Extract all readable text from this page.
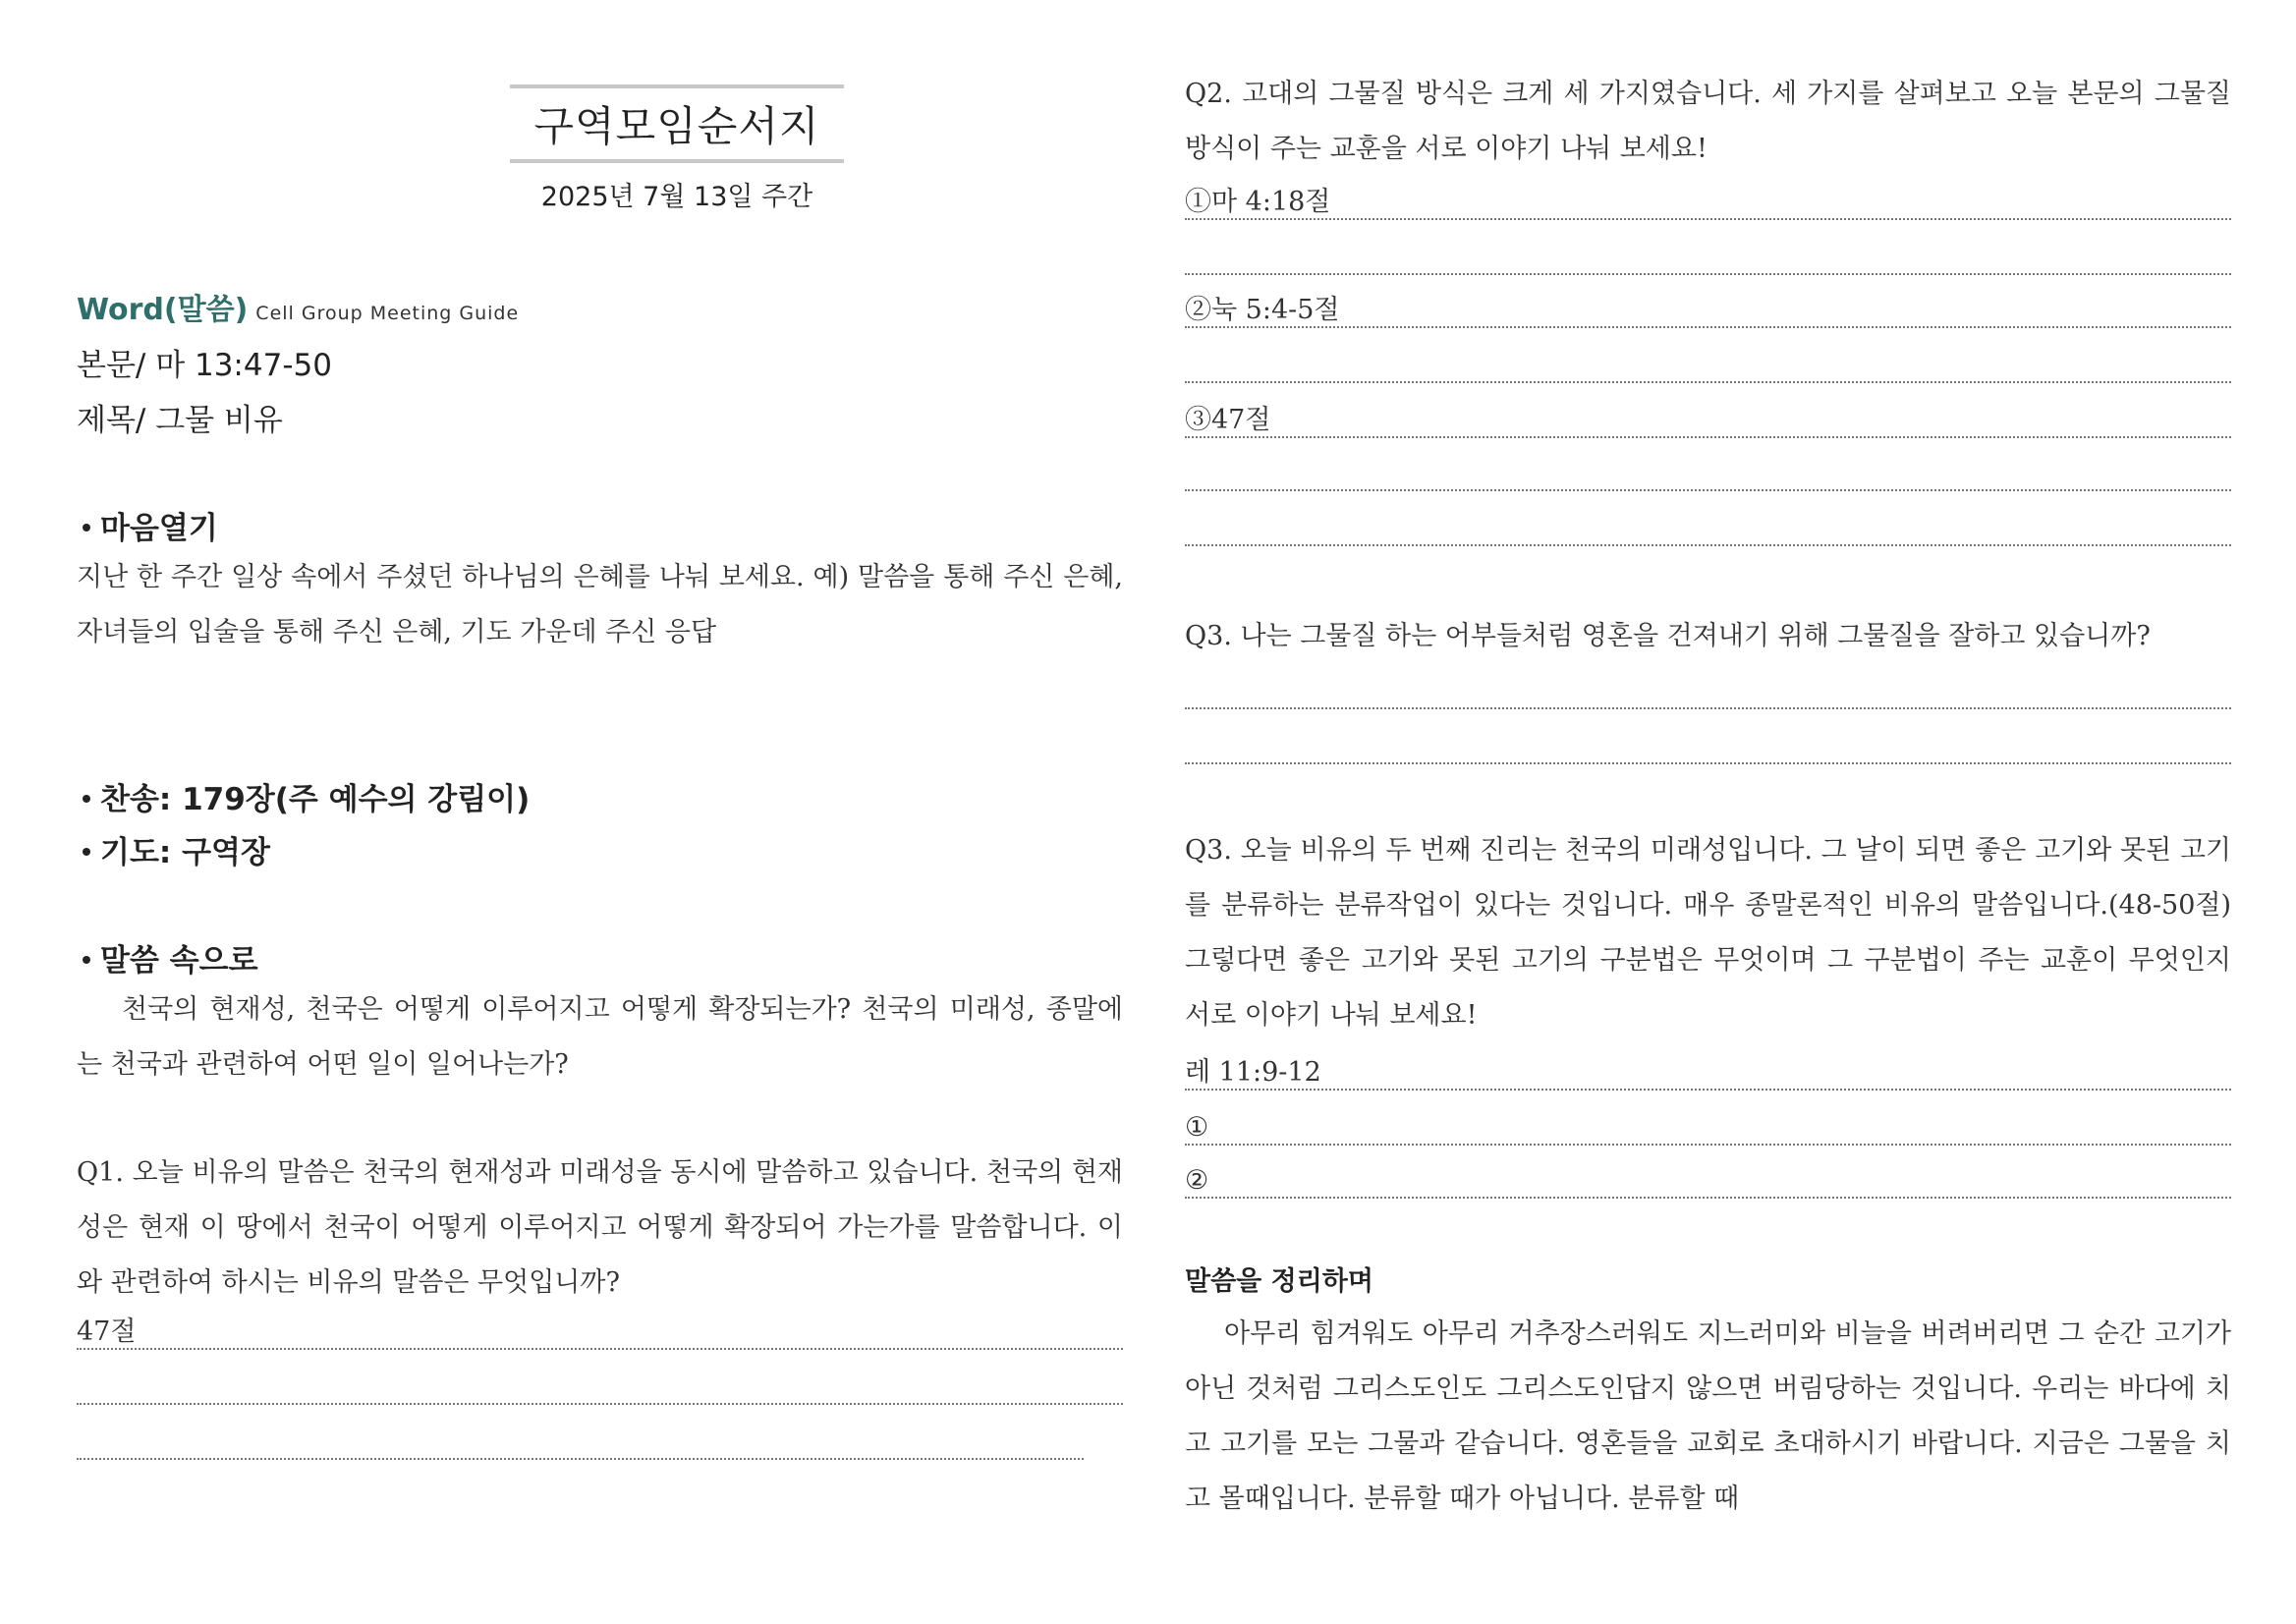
구역모임순서지
2025년 7월 13일 주간
Word(말씀) Cell Group Meeting Guide
본문/ 마 13:47-50
제목/ 그물 비유
마음열기
지난 한 주간 일상 속에서 주셨던 하나님의 은혜를 나눠 보세요. 예) 말씀을 통해 주신 은혜, 자녀들의 입술을 통해 주신 은혜, 기도 가운데 주신 응답
찬송: 179장(주 예수의 강림이)
기도: 구역장
말씀 속으로
천국의 현재성, 천국은 어떻게 이루어지고 어떻게 확장되는가? 천국의 미래성, 종말에는 천국과 관련하여 어떤 일이 일어나는가?
Q1. 오늘 비유의 말씀은 천국의 현재성과 미래성을 동시에 말씀하고 있습니다. 천국의 현재성은 현재 이 땅에서 천국이 어떻게 이루어지고 어떻게 확장되어 가는가를 말씀합니다. 이와 관련하여 하시는 비유의 말씀은 무엇입니까?
47절
Q2. 고대의 그물질 방식은 크게 세 가지였습니다. 세 가지를 살펴보고 오늘 본문의 그물질 방식이 주는 교훈을 서로 이야기 나눠 보세요!
①마 4:18절
②눅 5:4-5절
③47절
Q3. 나는 그물질 하는 어부들처럼 영혼을 건져내기 위해 그물질을 잘하고 있습니까?
Q3. 오늘 비유의 두 번째 진리는 천국의 미래성입니다. 그 날이 되면 좋은 고기와 못된 고기를 분류하는 분류작업이 있다는 것입니다. 매우 종말론적인 비유의 말씀입니다.(48-50절) 그렇다면 좋은 고기와 못된 고기의 구분법은 무엇이며 그 구분법이 주는 교훈이 무엇인지 서로 이야기 나눠 보세요!
레 11:9-12
①
②
말씀을 정리하며
아무리 힘겨워도 아무리 거추장스러워도 지느러미와 비늘을 버려버리면 그 순간 고기가 아닌 것처럼 그리스도인도 그리스도인답지 않으면 버림당하는 것입니다. 우리는 바다에 치고 고기를 모는 그물과 같습니다. 영혼들을 교회로 초대하시기 바랍니다. 지금은 그물을 치고 몰때입니다. 분류할 때가 아닙니다. 분류할 때
